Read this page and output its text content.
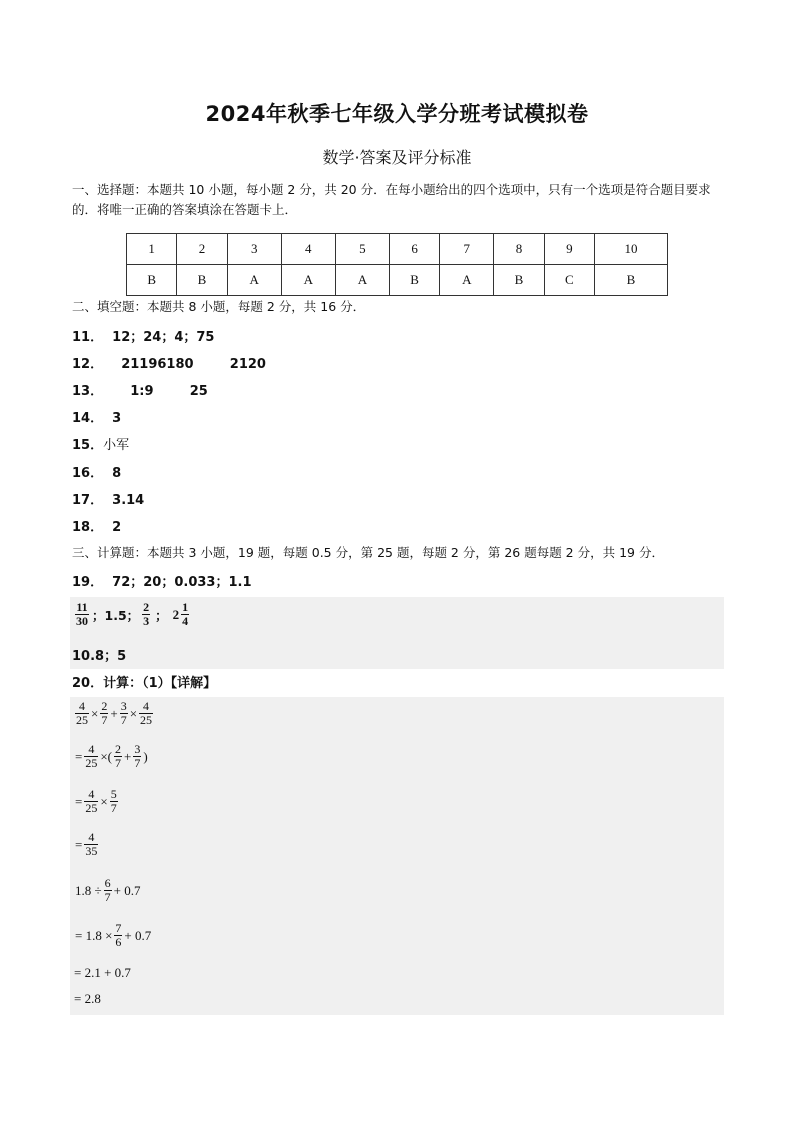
2024年秋季七年级入学分班考试模拟卷
数学·答案及评分标准
一、选择题：本题共 10 小题，每小题 2 分，共 20 分．在每小题给出的四个选项中，只有一个选项是符合题目要求的．将唯一正确的答案填涂在答题卡上．
1	2	3	4	5	6	7	8	9	10
B	B	A	A	A	B	A	B	C	B
二、填空题：本题共 8 小题，每题 2 分，共 16 分．
11． 12；24；4；75
12． 21196180        2120
13．      1:9        25
14． 3
15．小军
16． 8
17． 3.14
18． 2
三、计算题：本题共 3 小题，19 题，每题 0.5 分，第 25 题，每题 2 分，第 26 题每题 2 分，共 19 分．
19． 72；20；0.033；1.1
$\frac{11}{30}$ ；1.5； $\frac{2}{3}$ ； $2 \frac{1}{4}$
10.8；5
20．计算：（1）【详解】
$\frac{4}{25} \times \frac{2}{7} + \frac{3}{7} \times \frac{4}{25}$
= $\frac{4}{25}$ ×( $\frac{2}{7} + \frac{3}{7}$ )
= $\frac{4}{25} \times \frac{5}{7}$
= $\frac{4}{35}$
$1.8 \div \frac{6}{7} + 0.7$
= $1.8 \times \frac{7}{6} + 0.7$
= 2.1 + 0.7
= 2.8
